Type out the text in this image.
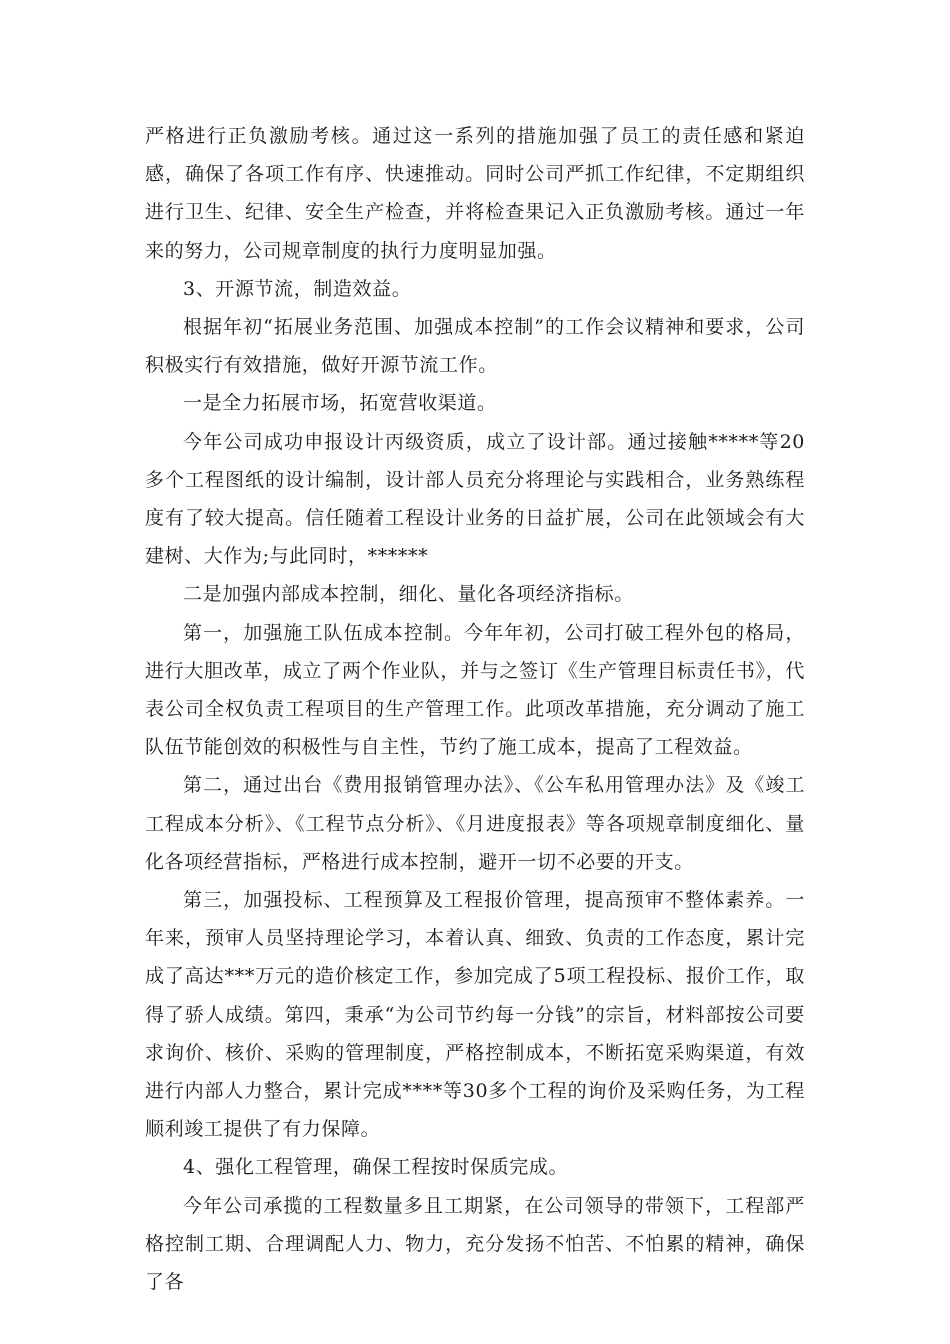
严格进行正负激励考核。通过这一系列的措施加强了员工的责任感和紧迫感，确保了各项工作有序、快速推动。同时公司严抓工作纪律，不定期组织进行卫生、纪律、安全生产检查，并将检查果记入正负激励考核。通过一年来的努力，公司规章制度的执行力度明显加强。

3、开源节流，制造效益。

根据年初“拓展业务范围、加强成本控制”的工作会议精神和要求，公司积极实行有效措施，做好开源节流工作。

一是全力拓展市场，拓宽营收渠道。

今年公司成功申报设计丙级资质，成立了设计部。通过接触*****等20多个工程图纸的设计编制，设计部人员充分将理论与实践相合，业务熟练程度有了较大提高。信任随着工程设计业务的日益扩展，公司在此领域会有大建树、大作为;与此同时，******

二是加强内部成本控制，细化、量化各项经济指标。

第一，加强施工队伍成本控制。今年年初，公司打破工程外包的格局，进行大胆改革，成立了两个作业队，并与之签订《生产管理目标责任书》，代表公司全权负责工程项目的生产管理工作。此项改革措施，充分调动了施工队伍节能创效的积极性与自主性，节约了施工成本，提高了工程效益。

第二，通过出台《费用报销管理办法》、《公车私用管理办法》及《竣工工程成本分析》、《工程节点分析》、《月进度报表》等各项规章制度细化、量化各项经营指标，严格进行成本控制，避开一切不必要的开支。

第三，加强投标、工程预算及工程报价管理，提高预审不整体素养。一年来，预审人员坚持理论学习，本着认真、细致、负责的工作态度，累计完成了高达***万元的造价核定工作，参加完成了5项工程投标、报价工作，取得了骄人成绩。第四，秉承“为公司节约每一分钱”的宗旨，材料部按公司要求询价、核价、采购的管理制度，严格控制成本，不断拓宽采购渠道，有效进行内部人力整合，累计完成****等30多个工程的询价及采购任务，为工程顺利竣工提供了有力保障。

4、强化工程管理，确保工程按时保质完成。

今年公司承揽的工程数量多且工期紧，在公司领导的带领下，工程部严格控制工期、合理调配人力、物力，充分发扬不怕苦、不怕累的精神，确保了各
